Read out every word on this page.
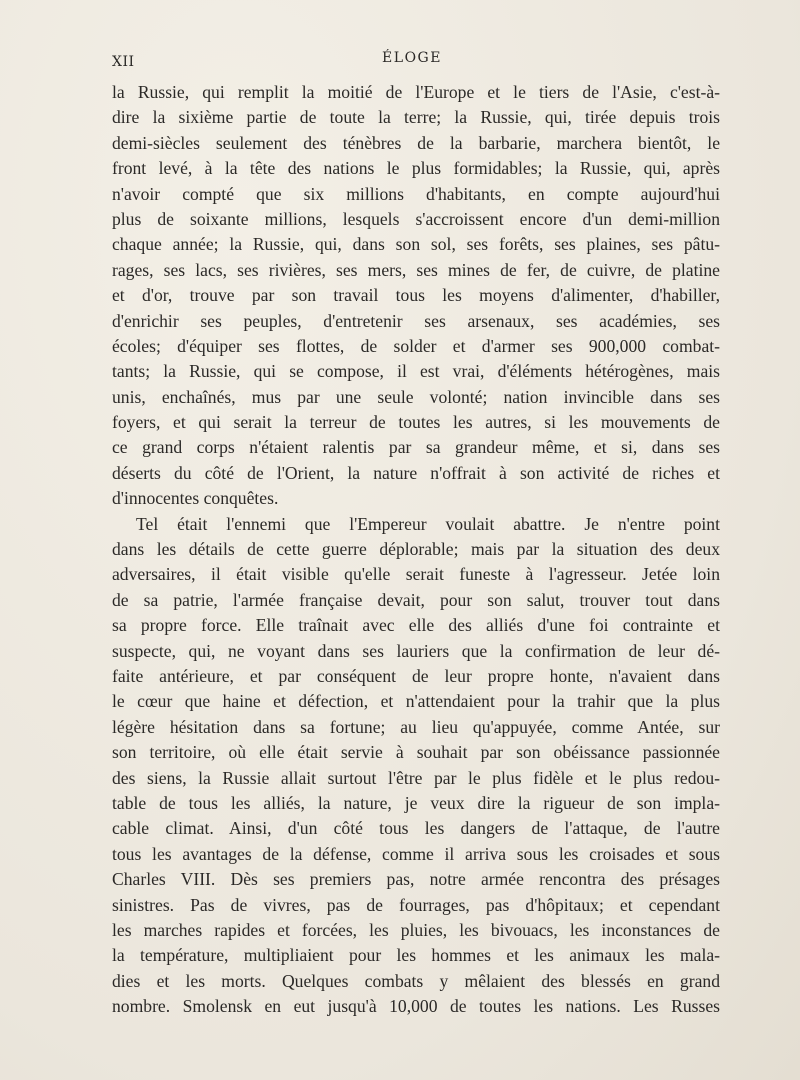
XII	ÉLOGE
la Russie, qui remplit la moitié de l'Europe et le tiers de l'Asie, c'est-à-
dire la sixième partie de toute la terre; la Russie, qui, tirée depuis trois
demi-siècles seulement des ténèbres de la barbarie, marchera bientôt, le
front levé, à la tête des nations le plus formidables; la Russie, qui, après
n'avoir compté que six millions d'habitants, en compte aujourd'hui
plus de soixante millions, lesquels s'accroissent encore d'un demi-million
chaque année; la Russie, qui, dans son sol, ses forêts, ses plaines, ses pâtu-
rages, ses lacs, ses rivières, ses mers, ses mines de fer, de cuivre, de platine
et d'or, trouve par son travail tous les moyens d'alimenter, d'habiller,
d'enrichir ses peuples, d'entretenir ses arsenaux, ses académies, ses
écoles; d'équiper ses flottes, de solder et d'armer ses 900,000 combat-
tants; la Russie, qui se compose, il est vrai, d'éléments hétérogènes, mais
unis, enchaînés, mus par une seule volonté; nation invincible dans ses
foyers, et qui serait la terreur de toutes les autres, si les mouvements de
ce grand corps n'étaient ralentis par sa grandeur même, et si, dans ses
déserts du côté de l'Orient, la nature n'offrait à son activité de riches et
d'innocentes conquêtes.
Tel était l'ennemi que l'Empereur voulait abattre. Je n'entre point
dans les détails de cette guerre déplorable; mais par la situation des deux
adversaires, il était visible qu'elle serait funeste à l'agresseur. Jetée loin
de sa patrie, l'armée française devait, pour son salut, trouver tout dans
sa propre force. Elle traînait avec elle des alliés d'une foi contrainte et
suspecte, qui, ne voyant dans ses lauriers que la confirmation de leur dé-
faite antérieure, et par conséquent de leur propre honte, n'avaient dans
le cœur que haine et défection, et n'attendaient pour la trahir que la plus
légère hésitation dans sa fortune; au lieu qu'appuyée, comme Antée, sur
son territoire, où elle était servie à souhait par son obéissance passionnée
des siens, la Russie allait surtout l'être par le plus fidèle et le plus redou-
table de tous les alliés, la nature, je veux dire la rigueur de son impla-
cable climat. Ainsi, d'un côté tous les dangers de l'attaque, de l'autre
tous les avantages de la défense, comme il arriva sous les croisades et sous
Charles VIII. Dès ses premiers pas, notre armée rencontra des présages
sinistres. Pas de vivres, pas de fourrages, pas d'hôpitaux; et cependant
les marches rapides et forcées, les pluies, les bivouacs, les inconstances de
la température, multipliaient pour les hommes et les animaux les mala-
dies et les morts. Quelques combats y mêlaient des blessés en grand
nombre. Smolensk en eut jusqu'à 10,000 de toutes les nations. Les Russes
